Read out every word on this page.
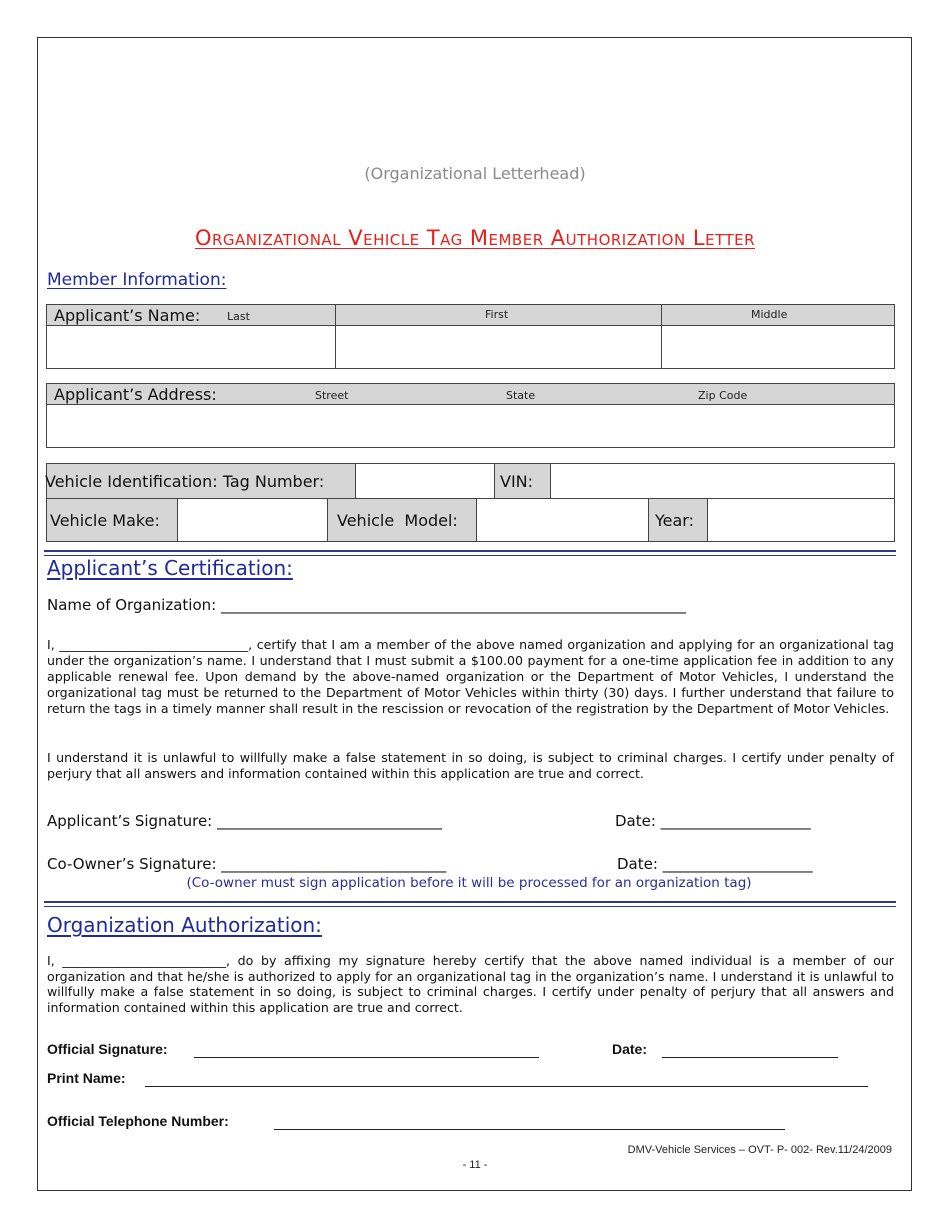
(Organizational Letterhead)
Organizational Vehicle Tag Member Authorization Letter
Member Information:
Applicant’s Name: Last	First	Middle
Applicant’s Address:	Street	State	Zip Code
Vehicle Identification: Tag Number:	VIN:
Vehicle Make:	Vehicle  Model:	Year:
Applicant’s Certification:
Name of Organization: ______________________________________________________________
I, ______________________________, certify that I am a member of the above named organization and applying for an organizational tag under the organization’s name. I understand that I must submit a $100.00 payment for a one-time application fee in addition to any applicable renewal fee. Upon demand by the above-named organization or the Department of Motor Vehicles, I understand the organizational tag must be returned to the Department of Motor Vehicles within thirty (30) days. I further understand that failure to return the tags in a timely manner shall result in the rescission or revocation of the registration by the Department of Motor Vehicles.
I understand it is unlawful to willfully make a false statement in so doing, is subject to criminal charges. I certify under penalty of perjury that all answers and information contained within this application are true and correct.
Applicant’s Signature: ______________________________	Date: ____________________
Co-Owner’s Signature: ______________________________	Date: ____________________
(Co-owner must sign application before it will be processed for an organization tag)
Organization Authorization:
I, __________________________, do by affixing my signature hereby certify that the above named individual is a member of our organization and that he/she is authorized to apply for an organizational tag in the organization’s name. I understand it is unlawful to willfully make a false statement in so doing, is subject to criminal charges. I certify under penalty of perjury that all answers and information contained within this application are true and correct.
Official Signature:	Date:
Print Name:
Official Telephone Number:
DMV-Vehicle Services – OVT- P- 002- Rev.11/24/2009
- 11 -
